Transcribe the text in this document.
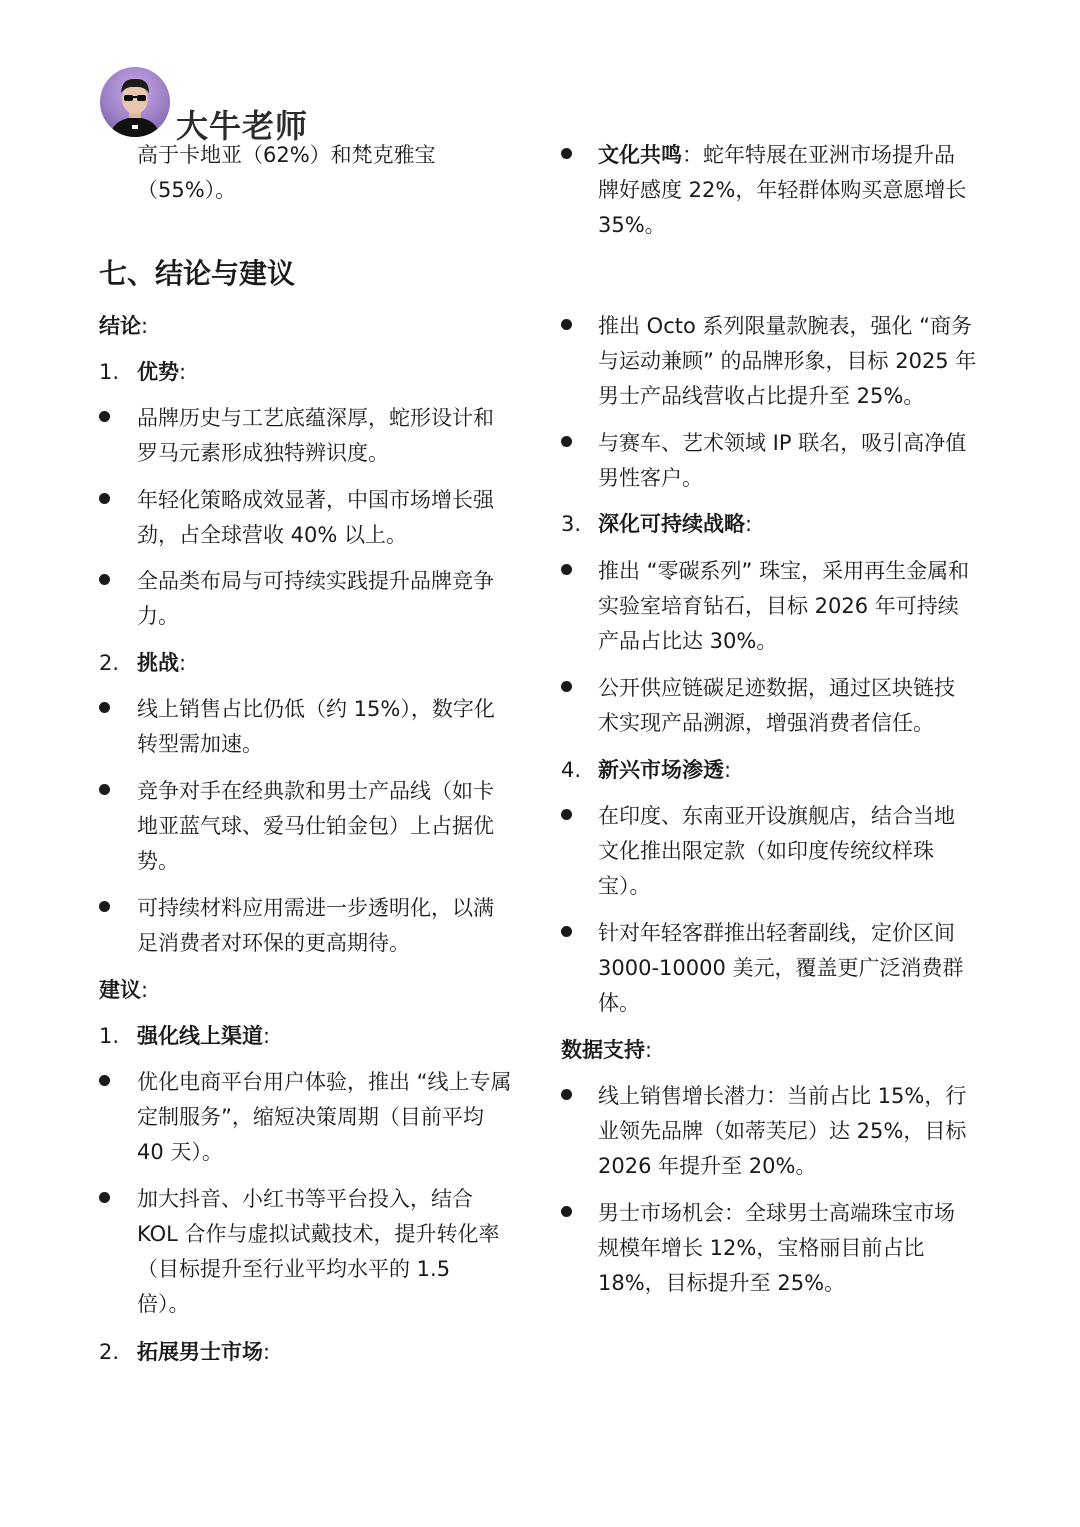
大牛老师
高于卡地亚（62%）和梵克雅宝
（55%）。
七、结论与建议
结论:
1. 优势:
品牌历史与工艺底蕴深厚，蛇形设计和
罗马元素形成独特辨识度。
年轻化策略成效显著，中国市场增长强
劲，占全球营收 40% 以上。
全品类布局与可持续实践提升品牌竞争
力。
2. 挑战:
线上销售占比仍低（约 15%），数字化
转型需加速。
竞争对手在经典款和男士产品线（如卡
地亚蓝气球、爱马仕铂金包）上占据优
势。
可持续材料应用需进一步透明化，以满
足消费者对环保的更高期待。
建议:
1. 强化线上渠道:
优化电商平台用户体验，推出 “线上专属
定制服务”，缩短决策周期（目前平均
40 天）。
加大抖音、小红书等平台投入，结合
KOL 合作与虚拟试戴技术，提升转化率
（目标提升至行业平均水平的 1.5
倍）。
2. 拓展男士市场:
文化共鸣：蛇年特展在亚洲市场提升品
牌好感度 22%，年轻群体购买意愿增长
35%。
推出 Octo 系列限量款腕表，强化 “商务
与运动兼顾” 的品牌形象，目标 2025 年
男士产品线营收占比提升至 25%。
与赛车、艺术领域 IP 联名，吸引高净值
男性客户。
3. 深化可持续战略:
推出 “零碳系列” 珠宝，采用再生金属和
实验室培育钻石，目标 2026 年可持续
产品占比达 30%。
公开供应链碳足迹数据，通过区块链技
术实现产品溯源，增强消费者信任。
4. 新兴市场渗透:
在印度、东南亚开设旗舰店，结合当地
文化推出限定款（如印度传统纹样珠
宝）。
针对年轻客群推出轻奢副线，定价区间
3000-10000 美元，覆盖更广泛消费群
体。
数据支持:
线上销售增长潜力：当前占比 15%，行
业领先品牌（如蒂芙尼）达 25%，目标
2026 年提升至 20%。
男士市场机会：全球男士高端珠宝市场
规模年增长 12%，宝格丽目前占比
18%，目标提升至 25%。
